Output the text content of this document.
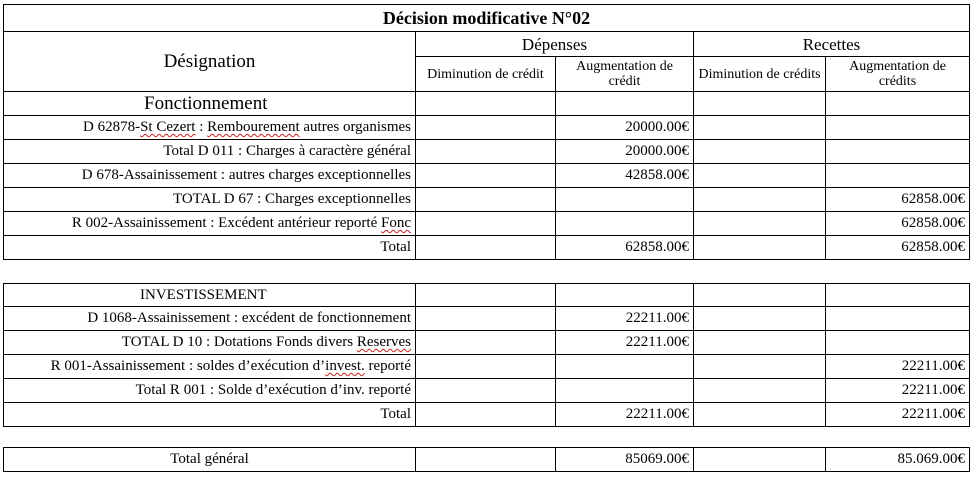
Décision modificative N°02				
Désignation	Dépenses		Recettes	
	Diminution de crédit	Augmentation de crédit	Diminution de crédits	Augmentation de crédits
Fonctionnement				
D 62878-St Cezert : Rembourement autres organismes		20000.00€		
Total D 011 : Charges à caractère général		20000.00€		
D 678-Assainissement : autres charges exceptionnelles		42858.00€		
TOTAL D 67 : Charges exceptionnelles				62858.00€
R 002-Assainissement : Excédent antérieur reporté Fonc				62858.00€
Total		62858.00€		62858.00€
INVESTISSEMENT				
D 1068-Assainissement : excédent de fonctionnement		22211.00€		
TOTAL D 10 : Dotations Fonds divers Reserves		22211.00€		
R 001-Assainissement : soldes d’exécution d’invest. reporté				22211.00€
Total R 001 : Solde d’exécution d’inv. reporté				22211.00€
Total		22211.00€		22211.00€
Total général		85069.00€		85.069.00€
